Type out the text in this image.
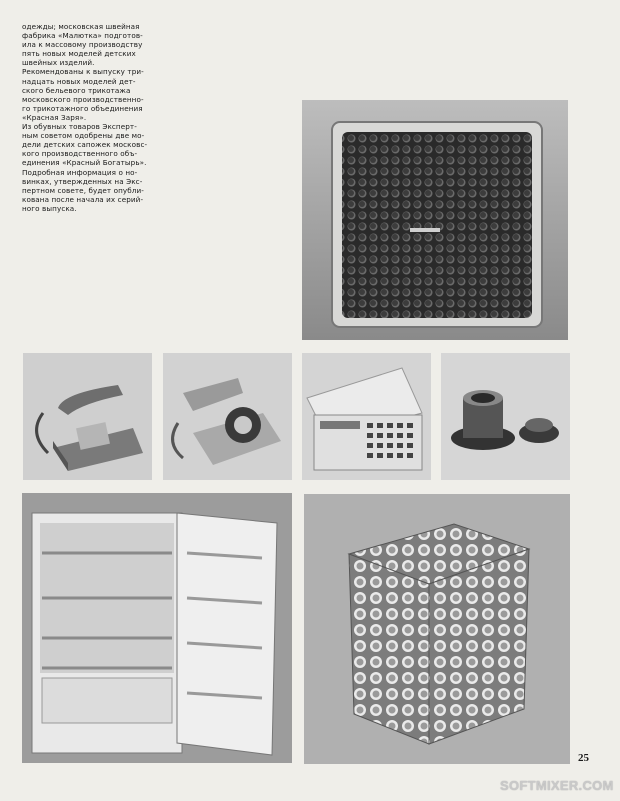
одежды; московская швейная
фабрика «Малютка» подготов-
ила к массовому производству
пять новых моделей детских
швейных изделий.

Рекомендованы к выпуску три-
надцать новых моделей дет-
ского бельевого трикотажа
московского производственно-
го трикотажного объединения
«Красная Заря».

Из обувных товаров Эксперт-
ным советом одобрены две мо-
дели детских сапожек московс-
кого производственного объ-
единения «Красный Богатырь».

Подробная информация о но-
винках, утвержденных на Экс-
пертном совете, будет опубли-
кована после начала их серий-
ного выпуска.

25
SOFTMIXER.COM
